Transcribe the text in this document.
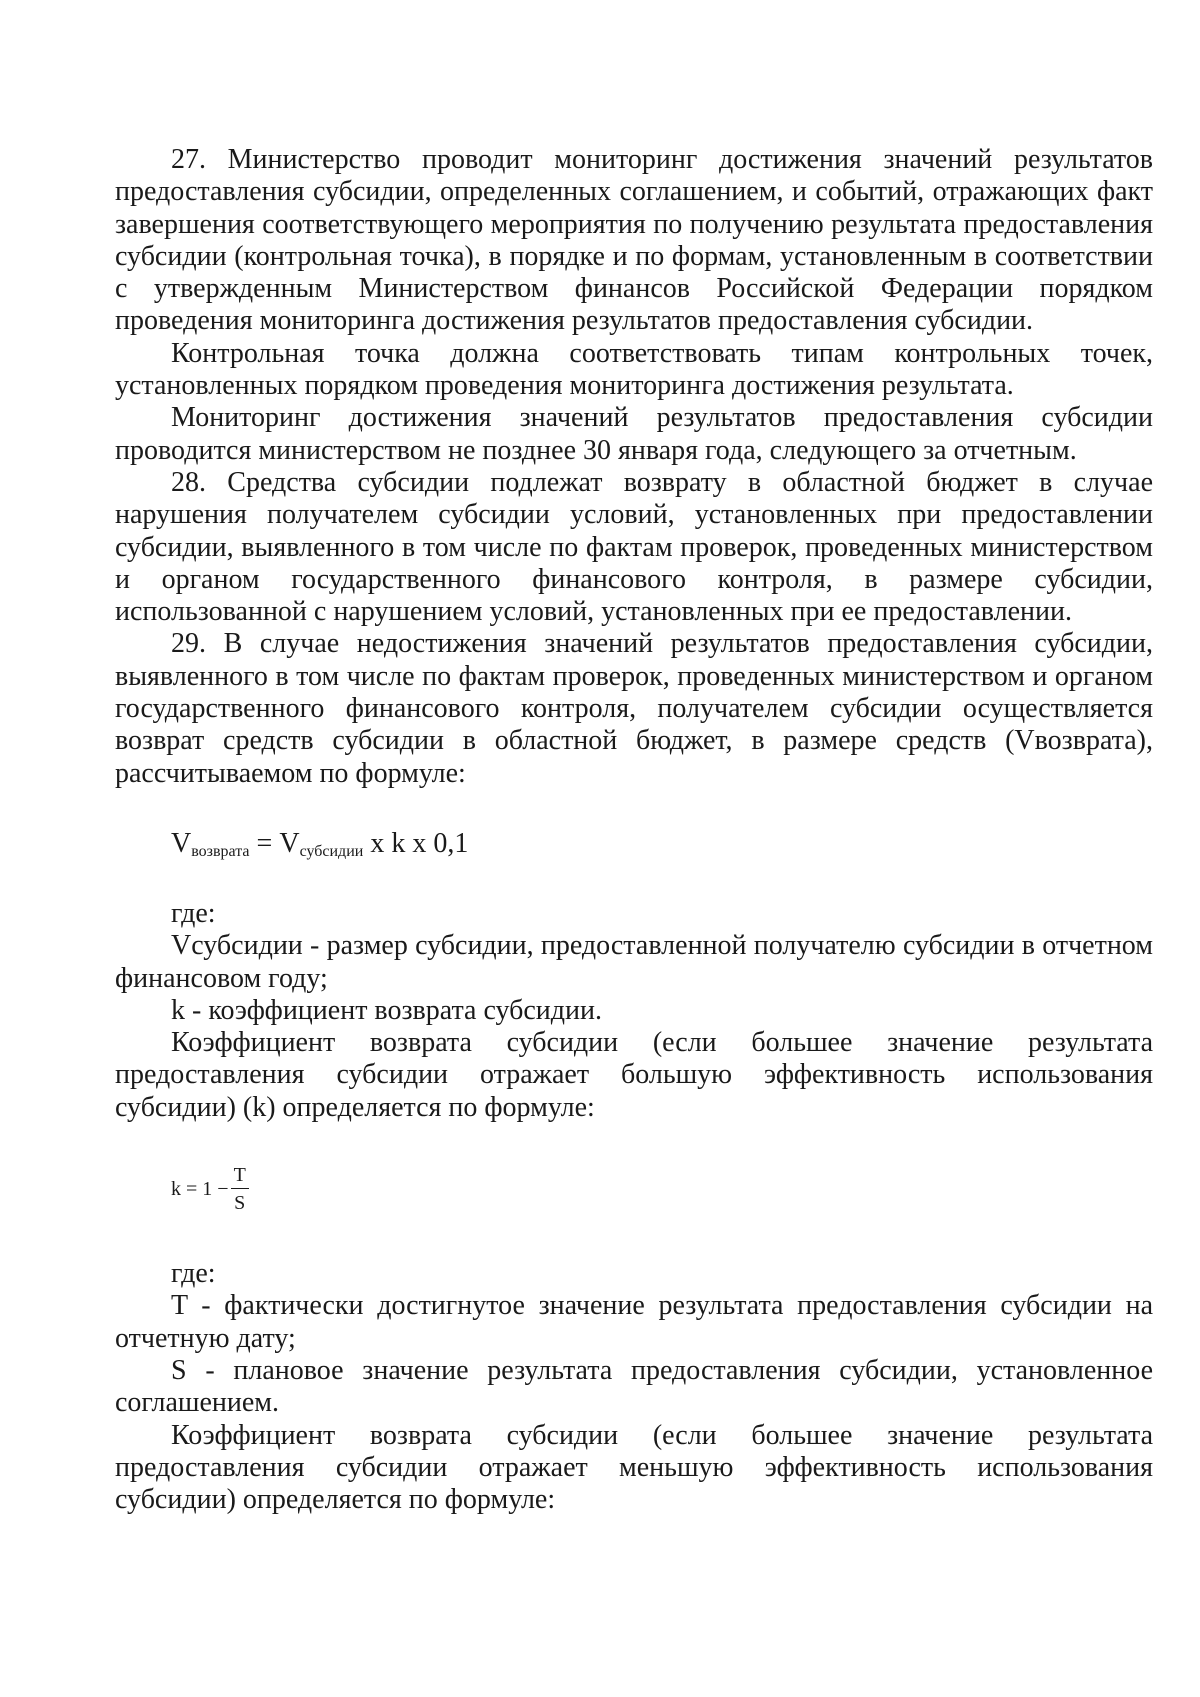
27. Министерство проводит мониторинг достижения значений результатов предоставления субсидии, определенных соглашением, и событий, отражающих факт завершения соответствующего мероприятия по получению результата предоставления субсидии (контрольная точка), в порядке и по формам, установленным в соответствии с утвержденным Министерством финансов Российской Федерации порядком проведения мониторинга достижения результатов предоставления субсидии.

Контрольная точка должна соответствовать типам контрольных точек, установленных порядком проведения мониторинга достижения результата.

Мониторинг достижения значений результатов предоставления субсидии проводится министерством не позднее 30 января года, следующего за отчетным.

28. Средства субсидии подлежат возврату в областной бюджет в случае нарушения получателем субсидии условий, установленных при предоставлении субсидии, выявленного в том числе по фактам проверок, проведенных министерством и органом государственного финансового контроля, в размере субсидии, использованной с нарушением условий, установленных при ее предоставлении.

29. В случае недостижения значений результатов предоставления субсидии, выявленного в том числе по фактам проверок, проведенных министерством и органом государственного финансового контроля, получателем субсидии осуществляется возврат средств субсидии в областной бюджет, в размере средств (Vвозврата), рассчитываемом по формуле:

$V_{возврата} = V_{субсидии}$ x k x 0,1

где:

Vсубсидии - размер субсидии, предоставленной получателю субсидии в отчетном финансовом году;

k - коэффициент возврата субсидии.

Коэффициент возврата субсидии (если большее значение результата предоставления субсидии отражает большую эффективность использования субсидии) (k) определяется по формуле:

$k = 1 - \frac{T}{S}$

где:

T - фактически достигнутое значение результата предоставления субсидии на отчетную дату;

S - плановое значение результата предоставления субсидии, установленное соглашением.

Коэффициент возврата субсидии (если большее значение результата предоставления субсидии отражает меньшую эффективность использования субсидии) определяется по формуле:
